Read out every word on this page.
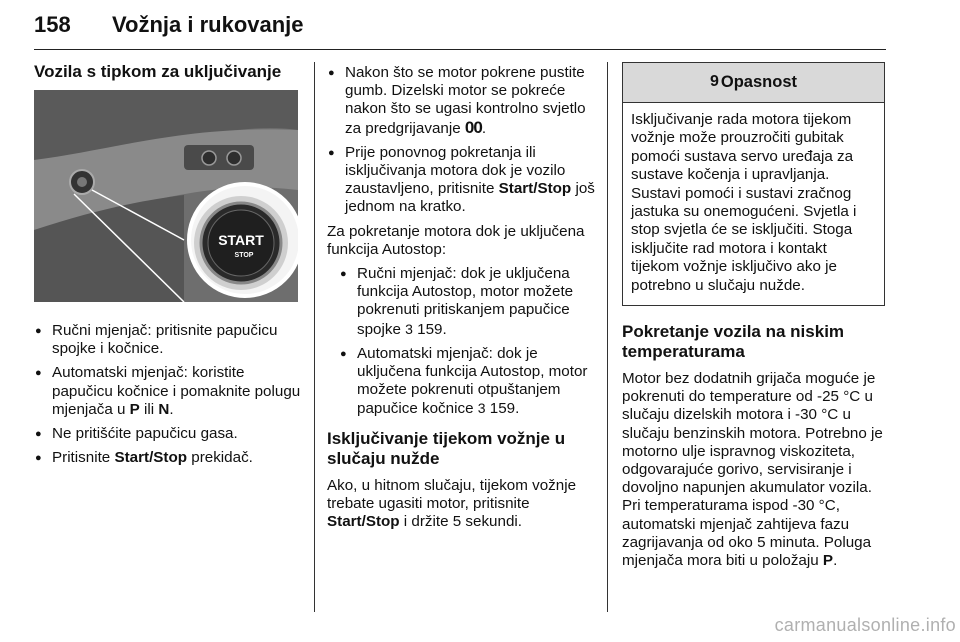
158 Vožnja i rukovanje
Vozila s tipkom za uključivanje
START
STOP
● Ručni mjenjač: pritisnite papučicu spojke i kočnice.
● Automatski mjenjač: koristite papučicu kočnice i pomaknite polugu mjenjača u P ili N.
● Ne pritišćite papučicu gasa.
● Pritisnite Start/Stop prekidač.
● Nakon što se motor pokrene pustite gumb. Dizelski motor se pokreće nakon što se ugasi kontrolno svjetlo za predgrijavanje 00.
● Prije ponovnog pokretanja ili isključivanja motora dok je vozilo zaustavljeno, pritisnite Start/Stop još jednom na kratko.

Za pokretanje motora dok je uključena funkcija Autostop:

● Ručni mjenjač: dok je uključena funkcija Autostop, motor možete pokrenuti pritiskanjem papučice spojke 3 159.
● Automatski mjenjač: dok je uključena funkcija Autostop, motor možete pokrenuti otpuštanjem papučice kočnice 3 159.
Isključivanje tijekom vožnje u slučaju nužde

Ako, u hitnom slučaju, tijekom vožnje trebate ugasiti motor, pritisnite Start/Stop i držite 5 sekundi.

9 Opasnost
Isključivanje rada motora tijekom vožnje može prouzročiti gubitak pomoći sustava servo uređaja za sustave kočenja i upravljanja. Sustavi pomoći i sustavi zračnog jastuka su onemogućeni. Svjetla i stop svjetla će se isključiti. Stoga isključite rad motora i kontakt tijekom vožnje isključivo ako je potrebno u slučaju nužde.
Pokretanje vozila na niskim temperaturama

Motor bez dodatnih grijača moguće je pokrenuti do temperature od -25 °C u slučaju dizelskih motora i -30 °C u slučaju benzinskih motora. Potrebno je motorno ulje ispravnog viskoziteta, odgovarajuće gorivo, servisiranje i dovoljno napunjen akumulator vozila. Pri temperaturama ispod -30 °C, automatski mjenjač zahtijeva fazu zagrijavanja od oko 5 minuta. Poluga mjenjača mora biti u položaju P.

carmanualsonline.info
